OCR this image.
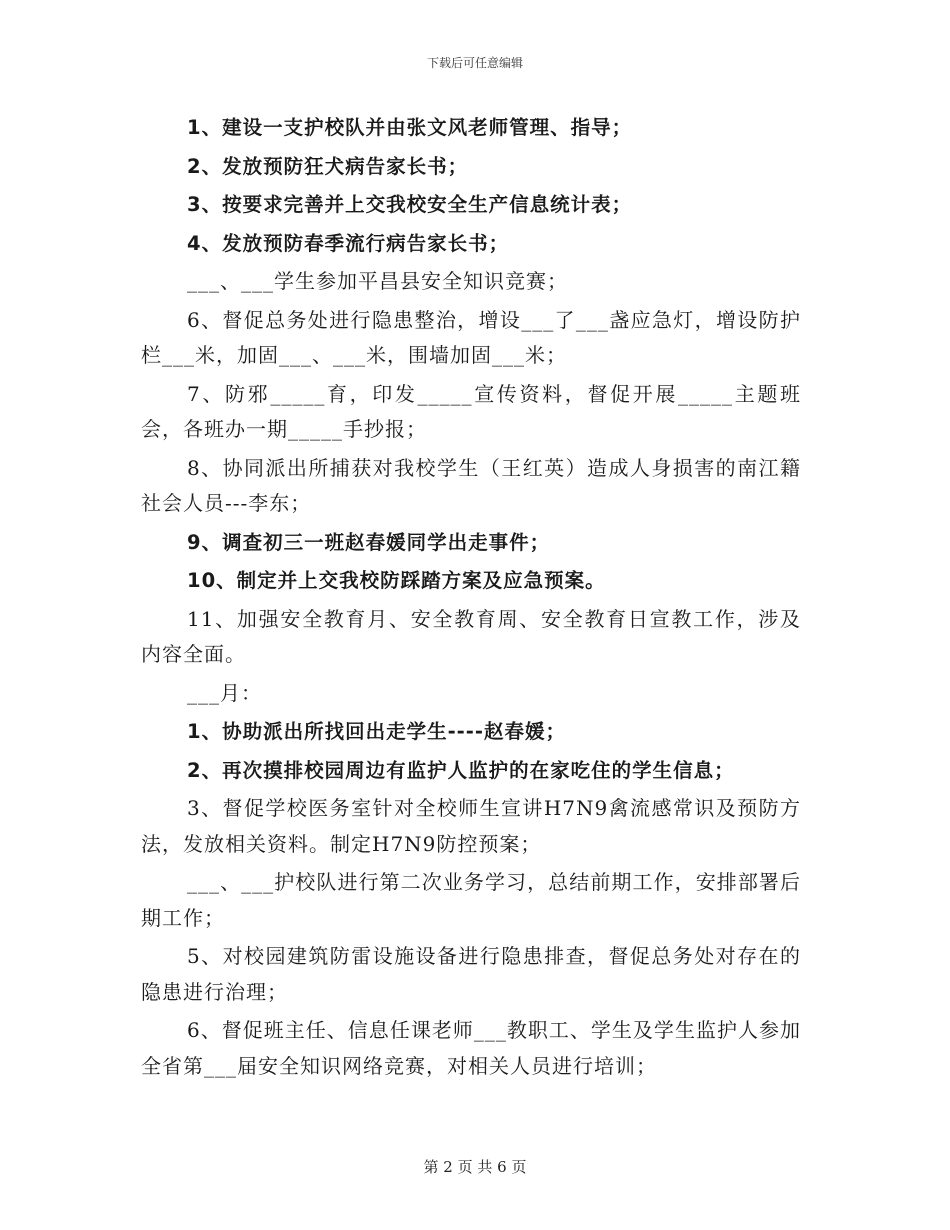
下载后可任意编辑

1、建设一支护校队并由张文风老师管理、指导；

2、发放预防狂犬病告家长书；

3、按要求完善并上交我校安全生产信息统计表；

4、发放预防春季流行病告家长书；

___、___学生参加平昌县安全知识竞赛；

6、督促总务处进行隐患整治，增设___了___盏应急灯，增设防护栏___米，加固___、___米，围墙加固___米；

7、防邪_____育，印发_____宣传资料，督促开展_____主题班会，各班办一期_____手抄报；

8、协同派出所捕获对我校学生（王红英）造成人身损害的南江籍社会人员---李东；

9、调查初三一班赵春媛同学出走事件；

10、制定并上交我校防踩踏方案及应急预案。

11、加强安全教育月、安全教育周、安全教育日宣教工作，涉及内容全面。

___月：

1、协助派出所找回出走学生----赵春媛；

2、再次摸排校园周边有监护人监护的在家吃住的学生信息；

3、督促学校医务室针对全校师生宣讲H7N9禽流感常识及预防方法，发放相关资料。制定H7N9防控预案；

___、___护校队进行第二次业务学习，总结前期工作，安排部署后期工作；

5、对校园建筑防雷设施设备进行隐患排查，督促总务处对存在的隐患进行治理；

6、督促班主任、信息任课老师___教职工、学生及学生监护人参加全省第___届安全知识网络竞赛，对相关人员进行培训；

第 2 页 共 6 页
